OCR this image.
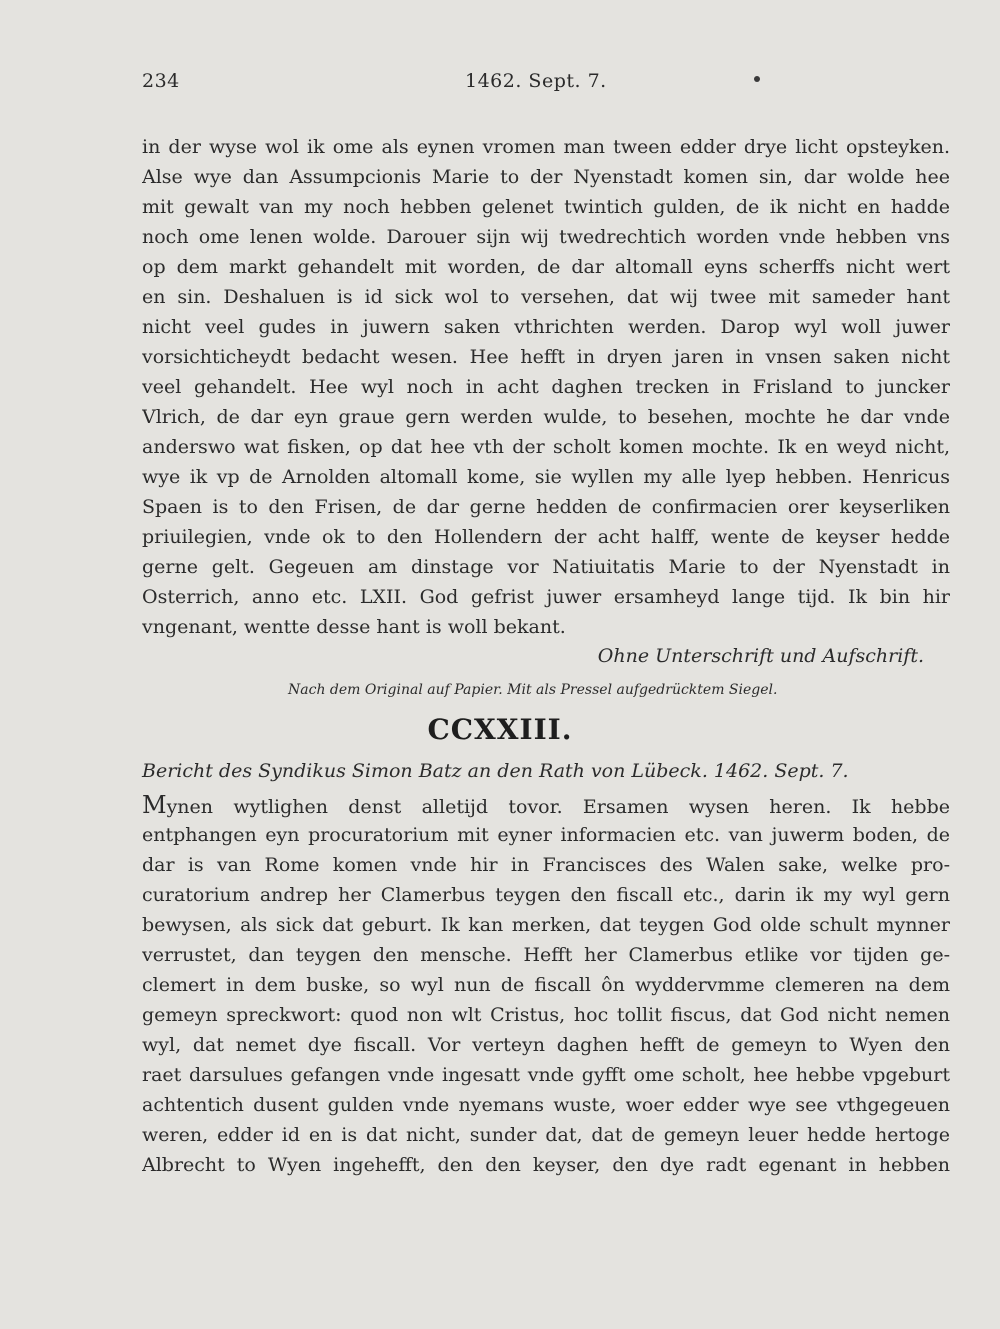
234	1462. Sept. 7.
in der wyse wol ik ome als eynen vromen man tween edder drye licht opsteyken.
Alse wye dan Assumpcionis Marie to der Nyenstadt komen sin, dar wolde hee
mit gewalt van my noch hebben gelenet twintich gulden, de ik nicht en hadde
noch ome lenen wolde. Darouer sijn wij twedrechtich worden vnde hebben vns
op dem markt gehandelt mit worden, de dar altomall eyns scherffs nicht wert
en sin. Deshaluen is id sick wol to versehen, dat wij twee mit sameder hant
nicht veel gudes in juwern saken vthrichten werden. Darop wyl woll juwer
vorsichticheydt bedacht wesen. Hee hefft in dryen jaren in vnsen saken nicht
veel gehandelt. Hee wyl noch in acht daghen trecken in Frisland to juncker
Vlrich, de dar eyn graue gern werden wulde, to besehen, mochte he dar vnde
anderswo wat fisken, op dat hee vth der scholt komen mochte. Ik en weyd nicht,
wye ik vp de Arnolden altomall kome, sie wyllen my alle lyep hebben. Henricus
Spaen is to den Frisen, de dar gerne hedden de confirmacien orer keyserliken
priuilegien, vnde ok to den Hollendern der acht halff, wente de keyser hedde
gerne gelt. Gegeuen am dinstage vor Natiuitatis Marie to der Nyenstadt in
Osterrich, anno etc. LXII. God gefrist juwer ersamheyd lange tijd. Ik bin hir
vngenant, wentte desse hant is woll bekant.
Ohne Unterschrift und Aufschrift.
Nach dem Original auf Papier. Mit als Pressel aufgedrücktem Siegel.
CCXXIII.
Bericht des Syndikus Simon Batz an den Rath von Lübeck. 1462. Sept. 7.
Mynen wytlighen denst alletijd tovor. Ersamen wysen heren. Ik hebbe
entphangen eyn procuratorium mit eyner informacien etc. van juwerm boden, de
dar is van Rome komen vnde hir in Francisces des Walen sake, welke pro-
curatorium andrep her Clamerbus teygen den fiscall etc., darin ik my wyl gern
bewysen, als sick dat geburt. Ik kan merken, dat teygen God olde schult mynner
verrustet, dan teygen den mensche. Hefft her Clamerbus etlike vor tijden ge-
clemert in dem buske, so wyl nun de fiscall ôn wyddervmme clemeren na dem
gemeyn spreckwort: quod non wlt Cristus, hoc tollit fiscus, dat God nicht nemen
wyl, dat nemet dye fiscall. Vor verteyn daghen hefft de gemeyn to Wyen den
raet darsulues gefangen vnde ingesatt vnde gyfft ome scholt, hee hebbe vpgeburt
achtentich dusent gulden vnde nyemans wuste, woer edder wye see vthgegeuen
weren, edder id en is dat nicht, sunder dat, dat de gemeyn leuer hedde hertoge
Albrecht to Wyen ingehefft, den den keyser, den dye radt egenant in hebben
